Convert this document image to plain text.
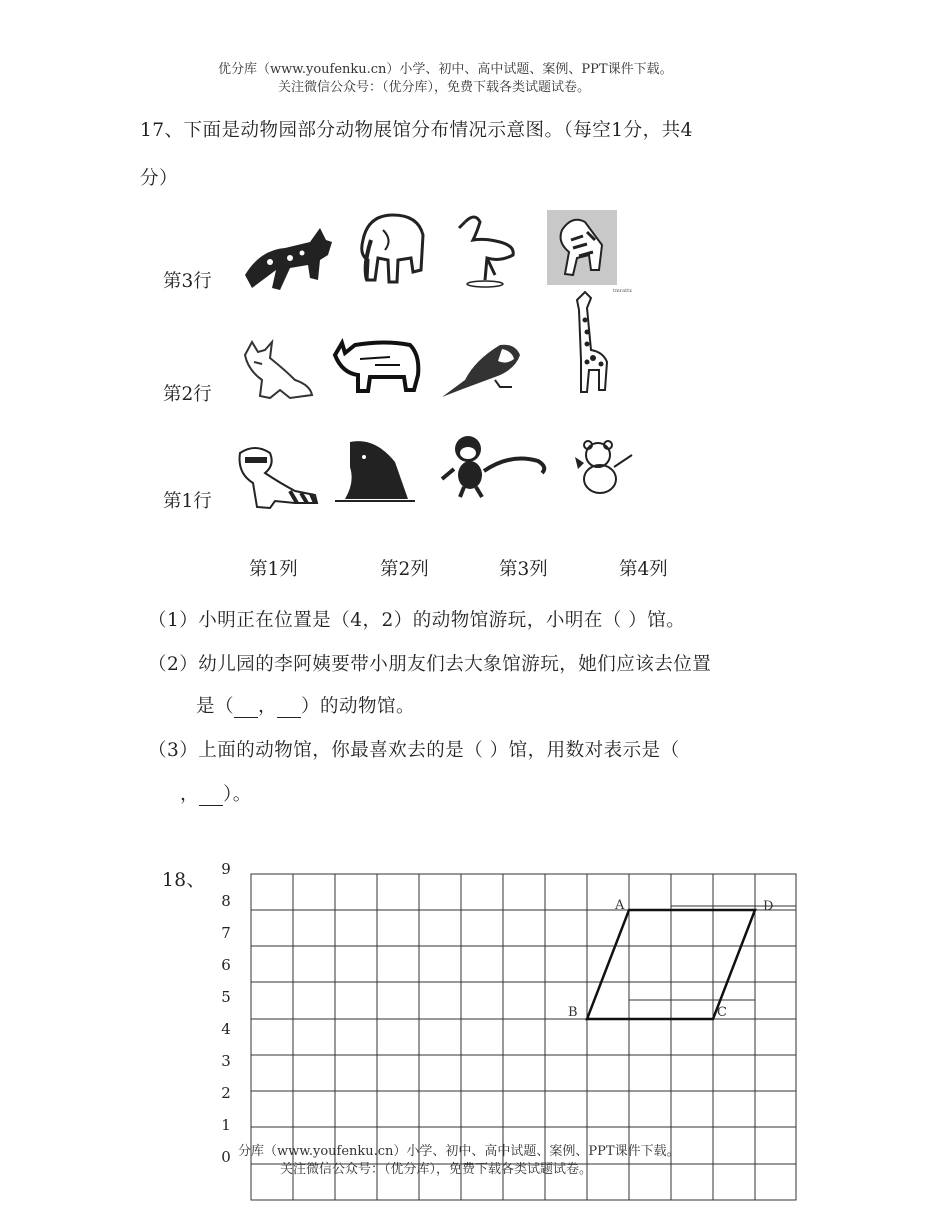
优分库（www.youfenku.cn）小学、初中、高中试题、案例、PPT课件下载。
关注微信公众号：（优分库），免费下载各类试题试卷。
17、下面是动物园部分动物展馆分布情况示意图。（每空1分，共4
分）
第3行
第2行
第1行
tmrattx
第1列	第2列	第3列	第4列
（1）小明正在位置是（4，2）的动物馆游玩，小明在（ ）馆。
（2）幼儿园的李阿姨要带小朋友们去大象馆游玩，她们应该去位置
是（ ， ）的动物馆。
（3）上面的动物馆，你最喜欢去的是（ ）馆，用数对表示是（
， ）。
18、
9
8
7
6
5
4
3
2
1
0
A	D
B	C
分库（www.youfenku.cn）小学、初中、高中试题、案例、PPT课件下载。
关注微信公众号：（优分库），免费下载各类试题试卷。
